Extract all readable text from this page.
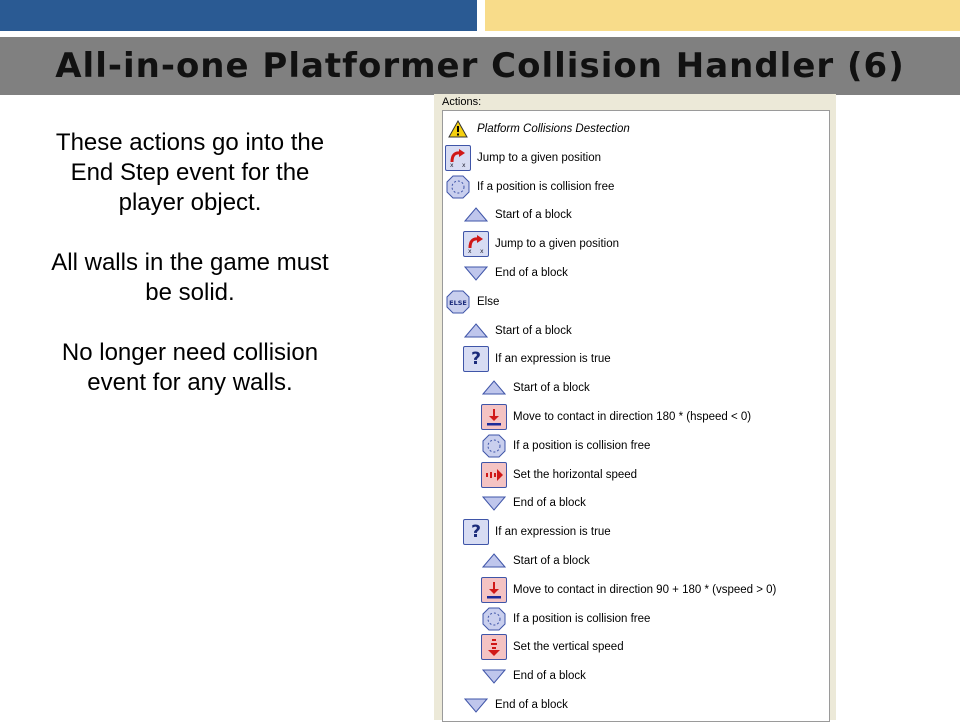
All-in-one Platformer Collision Handler (6)

These actions go into the End Step event for the player object.

All walls in the game must be solid.

No longer need collision event for any walls.

Actions:
Platform Collisions Destection
x x
Jump to a given position
If a position is collision free
Start of a block
x x
Jump to a given position
End of a block
ELSE Else
Start of a block
?	If an expression is true
Start of a block
Move to contact in direction 180 * (hspeed < 0)
If a position is collision free
Set the horizontal speed
End of a block
?	If an expression is true
Start of a block
Move to contact in direction 90 + 180 * (vspeed > 0)
If a position is collision free
Set the vertical speed
End of a block
End of a block
